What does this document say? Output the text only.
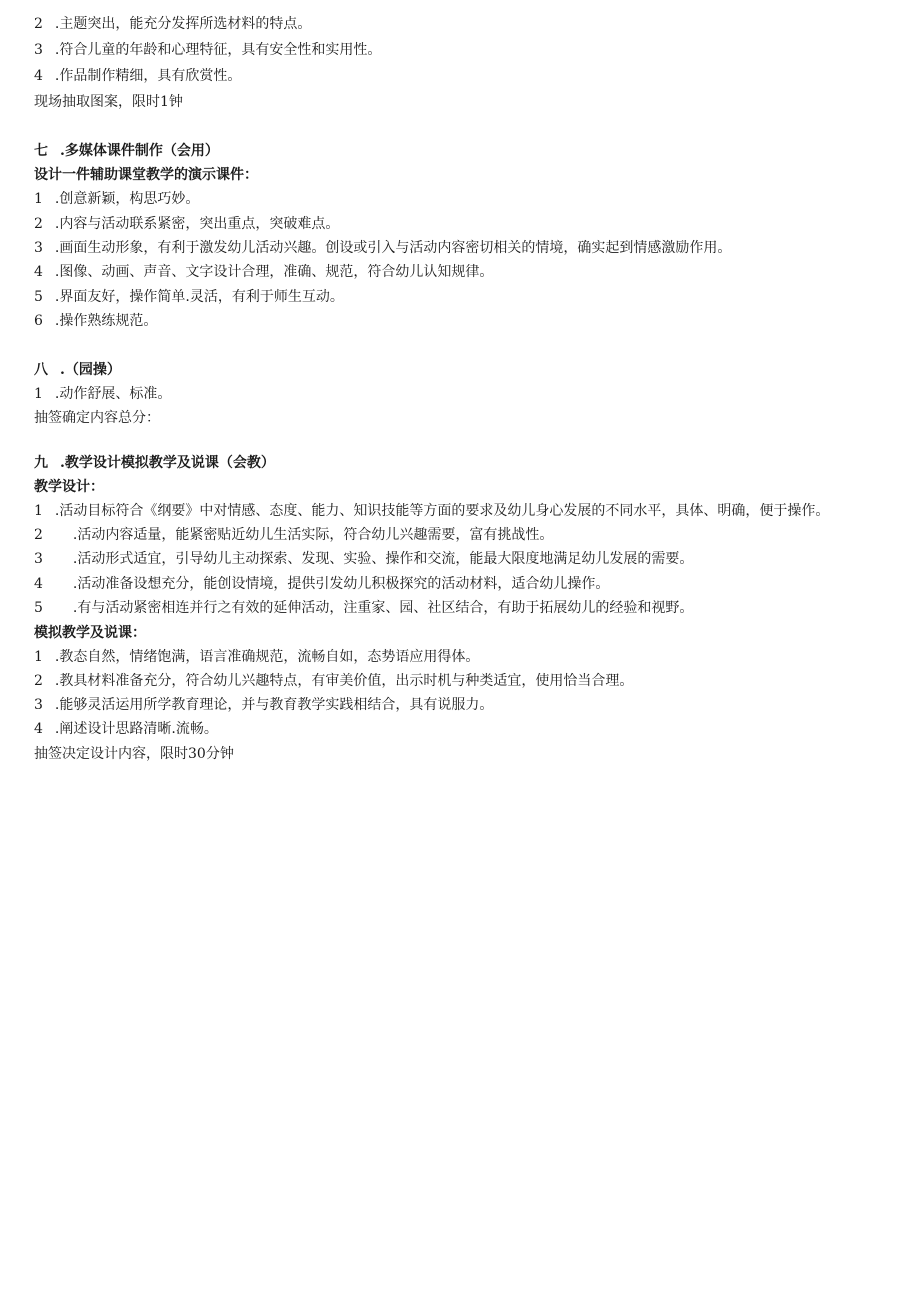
2 .主题突出，能充分发挥所选材料的特点。
3 .符合儿童的年龄和心理特征，具有安全性和实用性。
4 .作品制作精细，具有欣赏性。
现场抽取图案，限时1钟
七 .多媒体课件制作（会用）
设计一件辅助课堂教学的演示课件：
1 .创意新颖，构思巧妙。
2 .内容与活动联系紧密，突出重点，突破难点。
3 .画面生动形象，有利于激发幼儿活动兴趣。创设或引入与活动内容密切相关的情境，确实起到情感激励作用。
4 .图像、动画、声音、文字设计合理，准确、规范，符合幼儿认知规律。
5 .界面友好，操作简单.灵活，有利于师生互动。
6 .操作熟练规范。
八 .（园操）
1 .动作舒展、标准。
抽签确定内容总分：
九 .教学设计模拟教学及说课（会教）
教学设计：
1 .活动目标符合《纲要》中对情感、态度、能力、知识技能等方面的要求及幼儿身心发展的不同水平，具体、明确，便于操作。
2 .活动内容适量，能紧密贴近幼儿生活实际，符合幼儿兴趣需要，富有挑战性。
3 .活动形式适宜，引导幼儿主动探索、发现、实验、操作和交流，能最大限度地满足幼儿发展的需要。
4 .活动准备设想充分，能创设情境，提供引发幼儿积极探究的活动材料，适合幼儿操作。
5 .有与活动紧密相连并行之有效的延伸活动，注重家、园、社区结合，有助于拓展幼儿的经验和视野。
模拟教学及说课：
1 .教态自然，情绪饱满，语言准确规范，流畅自如，态势语应用得体。
2 .教具材料准备充分，符合幼儿兴趣特点，有审美价值，出示时机与种类适宜，使用恰当合理。
3 .能够灵活运用所学教育理论，并与教育教学实践相结合，具有说服力。
4 .阐述设计思路清晰.流畅。
抽签决定设计内容，限时30分钟
